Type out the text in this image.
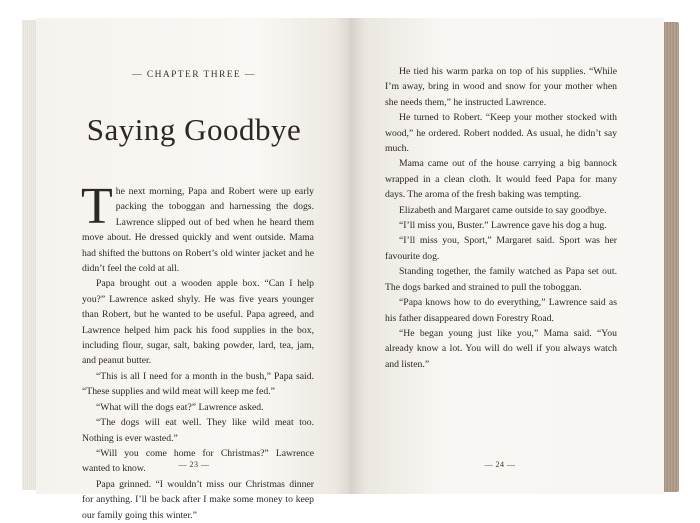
— CHAPTER THREE —
Saying Goodbye

The next morning, Papa and Robert were up early packing the toboggan and harnessing the dogs. Lawrence slipped out of bed when he heard them move about. He dressed quickly and went outside. Mama had shifted the buttons on Robert’s old winter jacket and he didn’t feel the cold at all.

Papa brought out a wooden apple box. “Can I help you?” Lawrence asked shyly. He was five years younger than Robert, but he wanted to be useful. Papa agreed, and Lawrence helped him pack his food supplies in the box, including flour, sugar, salt, baking powder, lard, tea, jam, and peanut butter.

“This is all I need for a month in the bush,” Papa said. “These supplies and wild meat will keep me fed.”

“What will the dogs eat?” Lawrence asked.

“The dogs will eat well. They like wild meat too. Nothing is ever wasted.”

“Will you come home for Christmas?” Lawrence wanted to know.

Papa grinned. “I wouldn’t miss our Christmas dinner for anything. I’ll be back after I make some money to keep our family going this winter.”

He tied his warm parka on top of his supplies. “While I’m away, bring in wood and snow for your mother when she needs them,” he instructed Lawrence.

He turned to Robert. “Keep your mother stocked with wood,” he ordered. Robert nodded. As usual, he didn’t say much.

Mama came out of the house carrying a big bannock wrapped in a clean cloth. It would feed Papa for many days. The aroma of the fresh baking was tempting.

Elizabeth and Margaret came outside to say goodbye.

“I’ll miss you, Buster.” Lawrence gave his dog a hug.

“I’ll miss you, Sport,” Margaret said. Sport was her favourite dog.

Standing together, the family watched as Papa set out. The dogs barked and strained to pull the toboggan.

“Papa knows how to do everything,” Lawrence said as his father disappeared down Forestry Road.

“He began young just like you,” Mama said. “You already know a lot. You will do well if you always watch and listen.”

— 23 —	— 24 —
